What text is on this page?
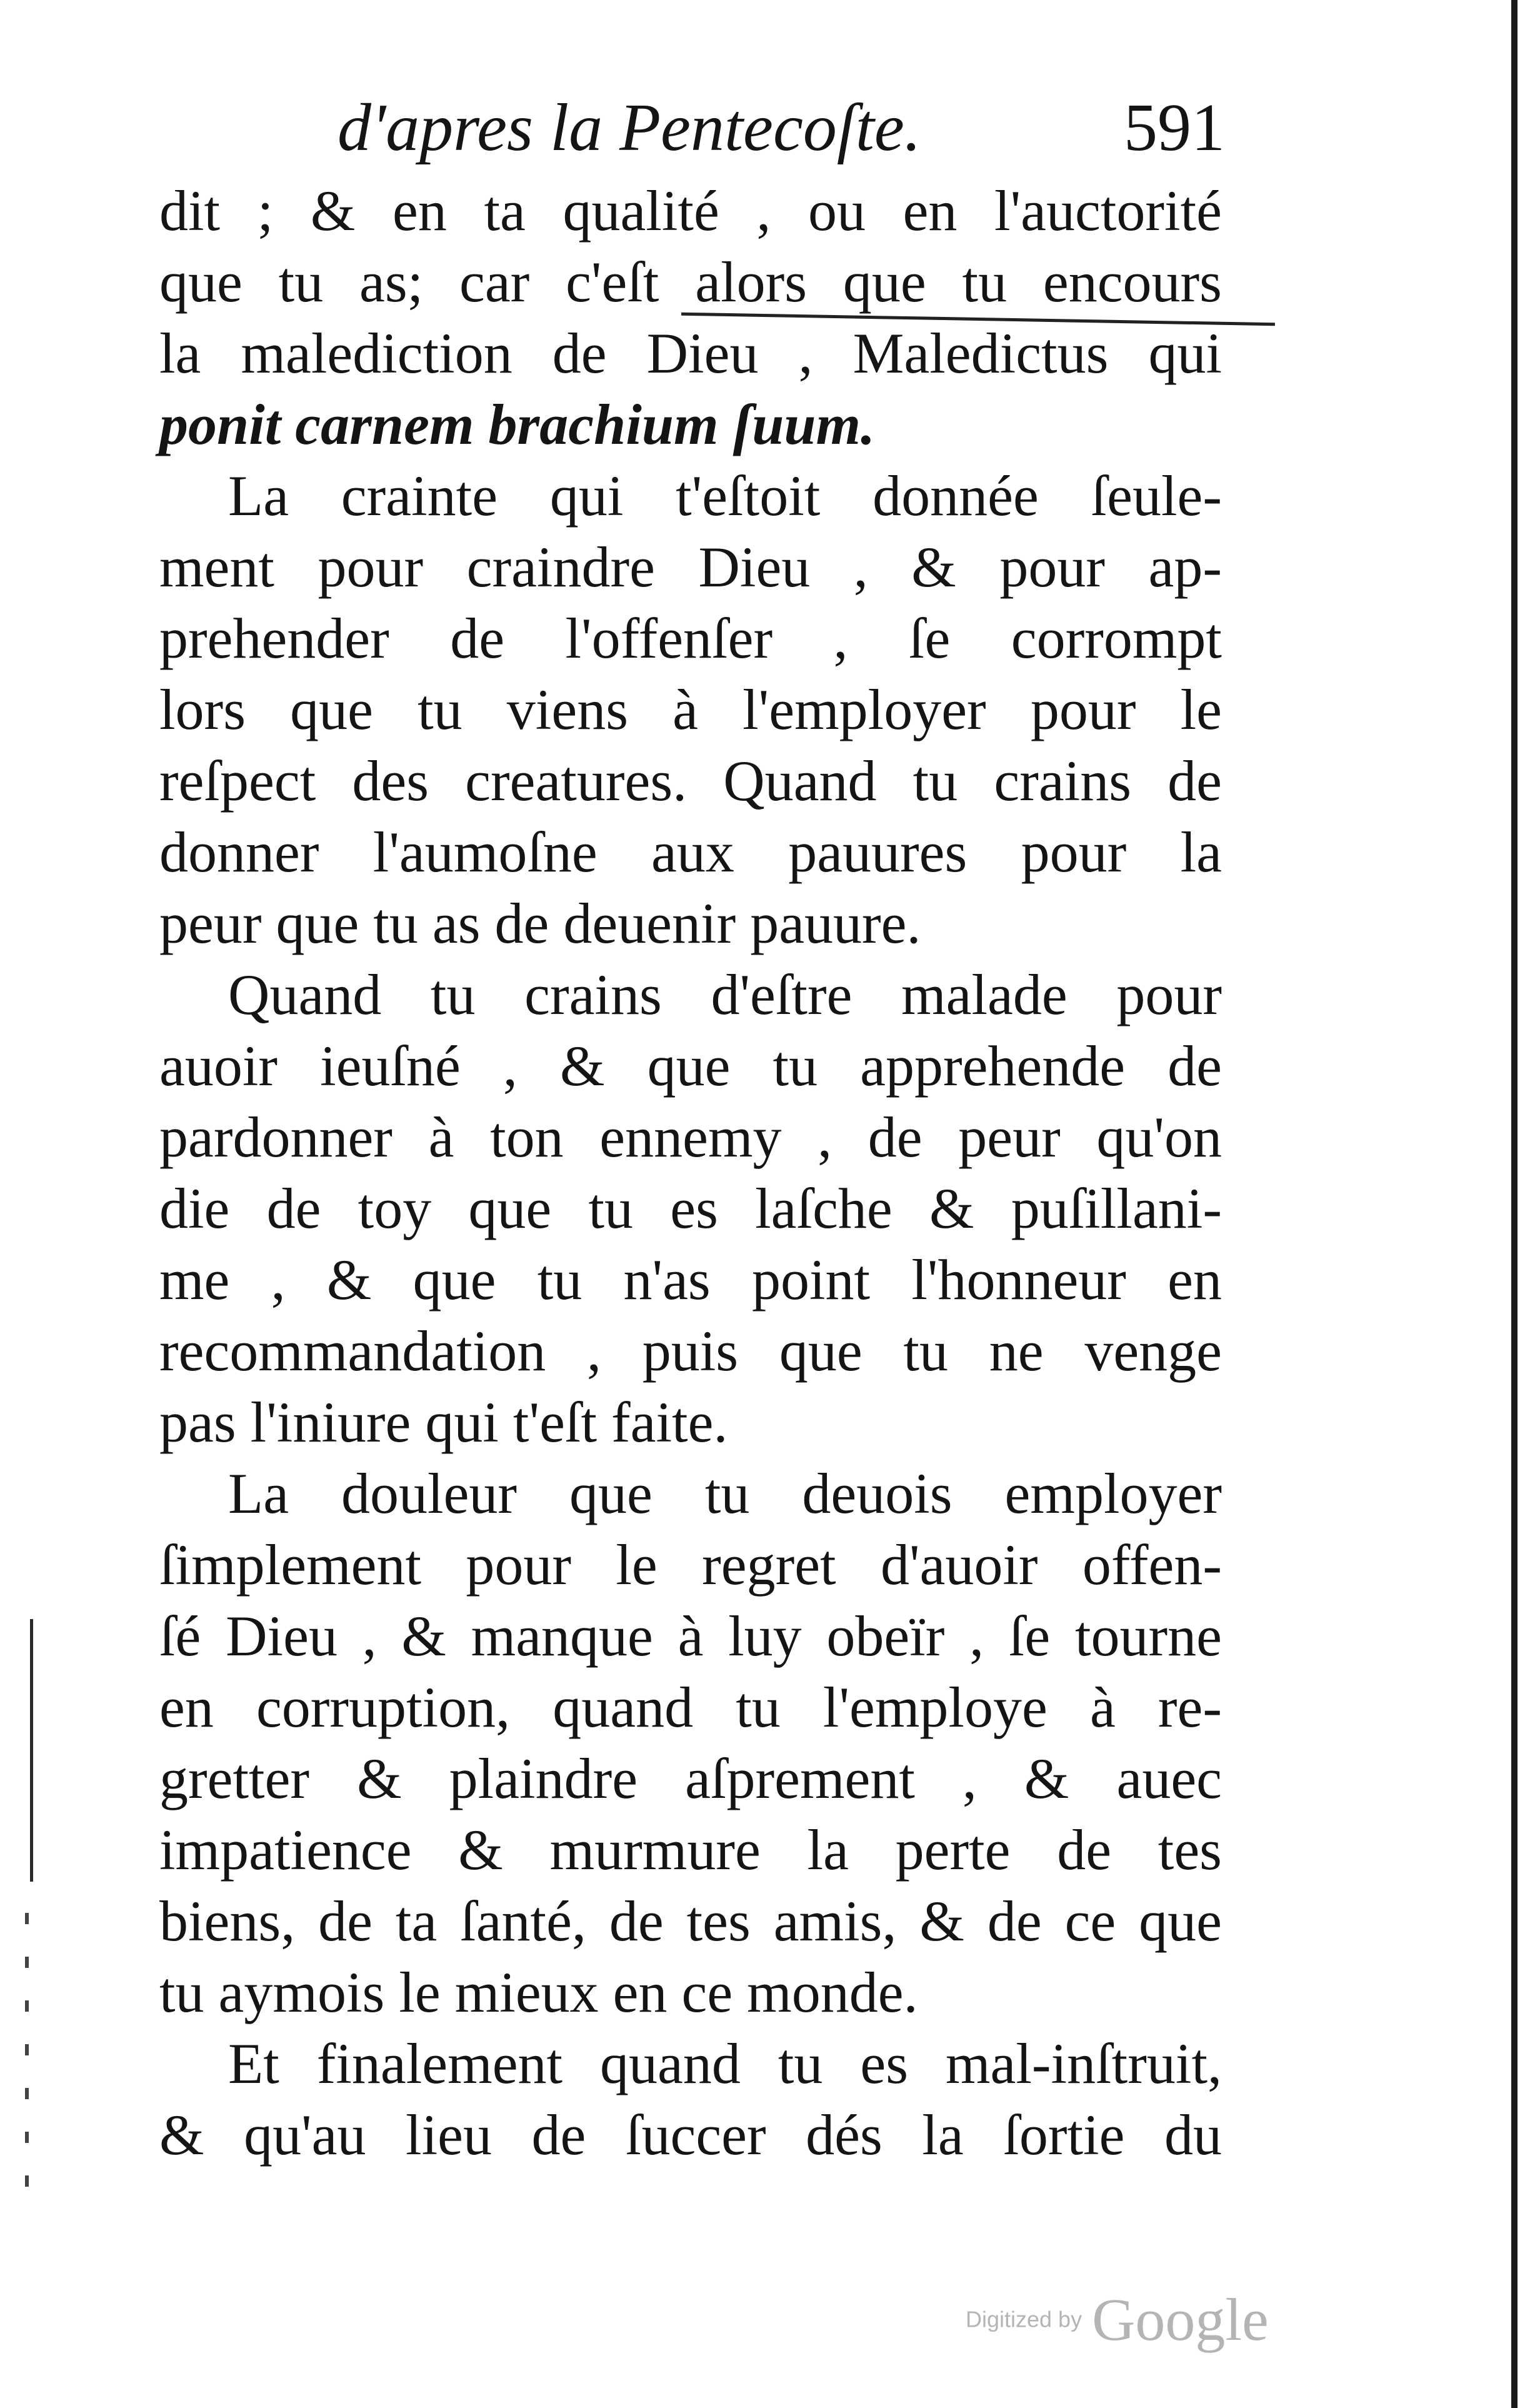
d'apres la Pentecoſte.	591
dit ; & en ta qualité , ou en l'auctorité
que tu as; car c'eſt alors que tu encours
la malediction de Dieu , Maledictus qui
ponit carnem brachium ſuum.
La crainte qui t'eſtoit donnée ſeule-
ment pour craindre Dieu , & pour ap-
prehender de l'offenſer , ſe corrompt
lors que tu viens à l'employer pour le
reſpect des creatures. Quand tu crains de
donner l'aumoſne aux pauures pour la
peur que tu as de deuenir pauure.
Quand tu crains d'eſtre malade pour
auoir ieuſné , & que tu apprehende de
pardonner à ton ennemy , de peur qu'on
die de toy que tu es laſche & puſillani-
me , & que tu n'as point l'honneur en
recommandation , puis que tu ne venge
pas l'iniure qui t'eſt faite.
La douleur que tu deuois employer
ſimplement pour le regret d'auoir offen-
ſé Dieu , & manque à luy obeïr , ſe tourne
en corruption, quand tu l'employe à re-
gretter & plaindre aſprement , & auec
impatience & murmure la perte de tes
biens, de ta ſanté, de tes amis, & de ce que
tu aymois le mieux en ce monde.
Et finalement quand tu es mal-inſtruit,
& qu'au lieu de ſuccer dés la ſortie du
Digitized by Google
